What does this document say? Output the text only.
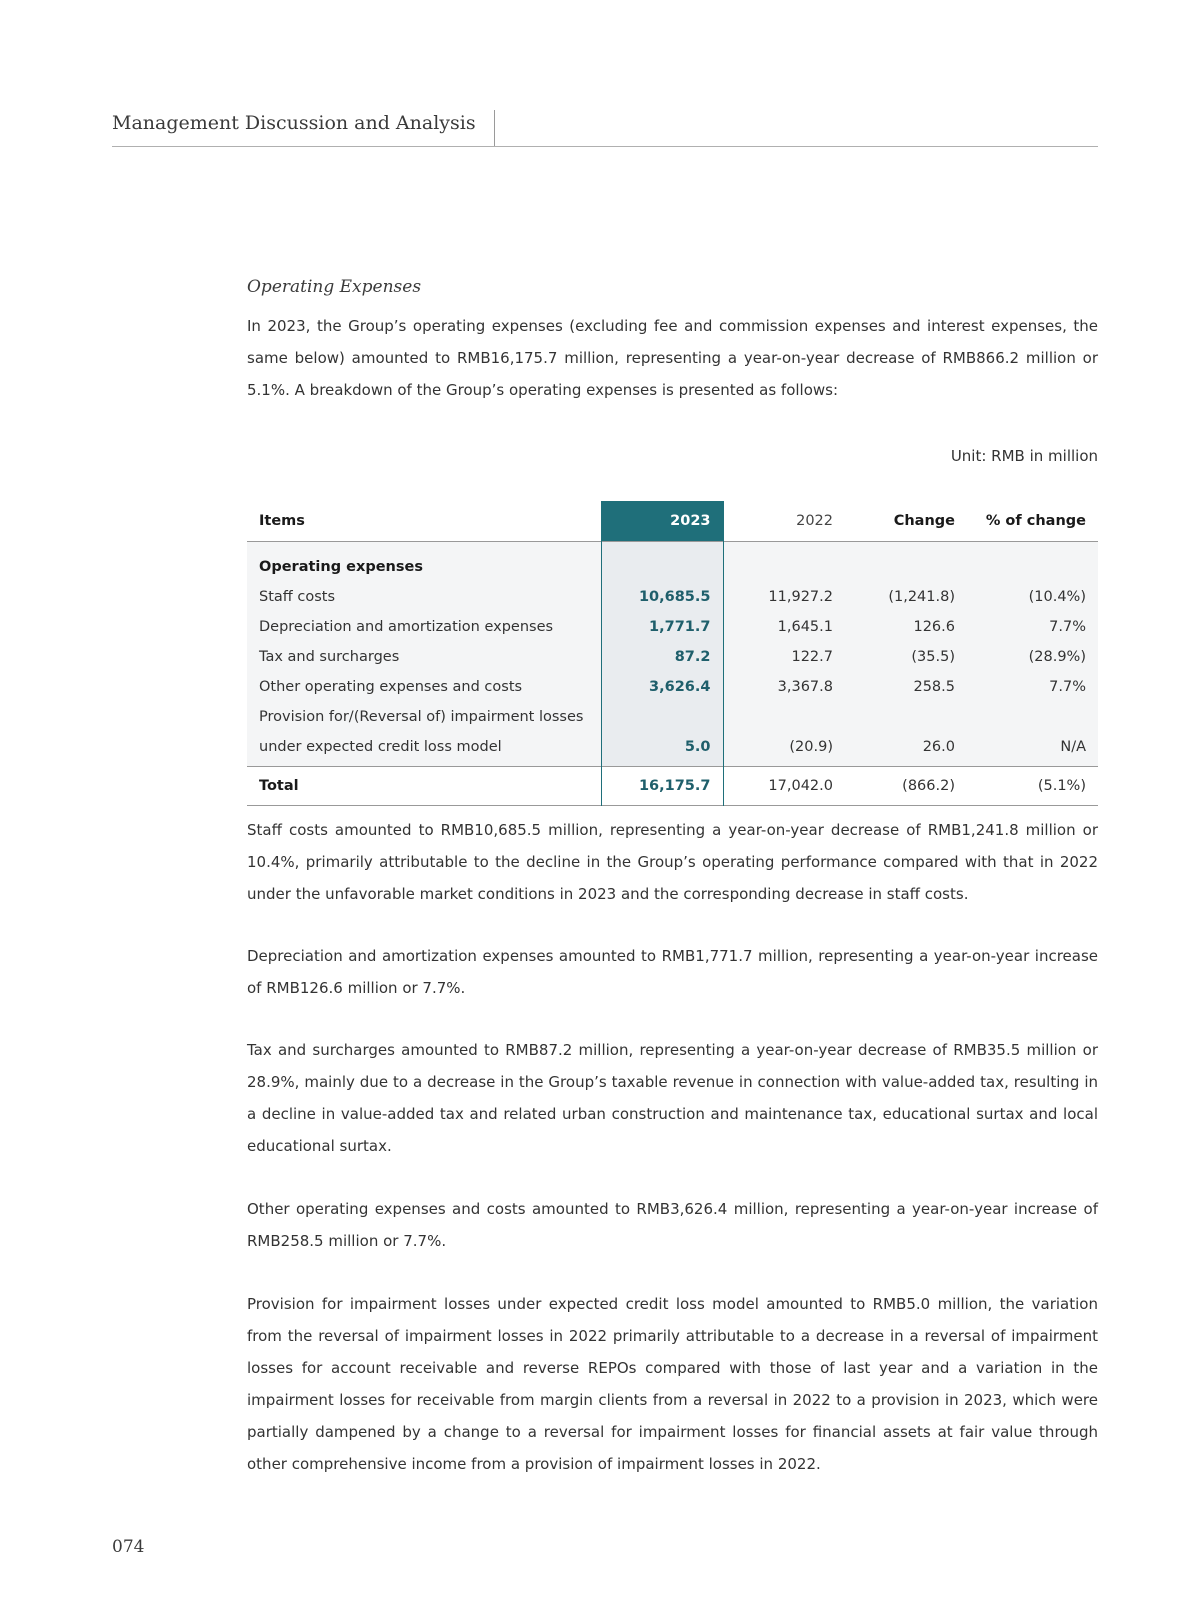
Management Discussion and Analysis
Operating Expenses

In 2023, the Group’s operating expenses (excluding fee and commission expenses and interest expenses, the same below) amounted to RMB16,175.7 million, representing a year-on-year decrease of RMB866.2 million or 5.1%. A breakdown of the Group’s operating expenses is presented as follows:

Unit: RMB in million
Items	2023	2022	Change	% of change
Operating expenses				
Staff costs	10,685.5	11,927.2	(1,241.8)	(10.4%)
Depreciation and amortization expenses	1,771.7	1,645.1	126.6	7.7%
Tax and surcharges	87.2	122.7	(35.5)	(28.9%)
Other operating expenses and costs	3,626.4	3,367.8	258.5	7.7%
Provision for/(Reversal of) impairment losses				
under expected credit loss model	5.0	(20.9)	26.0	N/A
Total	16,175.7	17,042.0	(866.2)	(5.1%)

Staff costs amounted to RMB10,685.5 million, representing a year-on-year decrease of RMB1,241.8 million or 10.4%, primarily attributable to the decline in the Group’s operating performance compared with that in 2022 under the unfavorable market conditions in 2023 and the corresponding decrease in staff costs.

Depreciation and amortization expenses amounted to RMB1,771.7 million, representing a year-on-year increase of RMB126.6 million or 7.7%.

Tax and surcharges amounted to RMB87.2 million, representing a year-on-year decrease of RMB35.5 million or 28.9%, mainly due to a decrease in the Group’s taxable revenue in connection with value-added tax, resulting in a decline in value-added tax and related urban construction and maintenance tax, educational surtax and local educational surtax.

Other operating expenses and costs amounted to RMB3,626.4 million, representing a year-on-year increase of RMB258.5 million or 7.7%.

Provision for impairment losses under expected credit loss model amounted to RMB5.0 million, the variation from the reversal of impairment losses in 2022 primarily attributable to a decrease in a reversal of impairment losses for account receivable and reverse REPOs compared with those of last year and a variation in the impairment losses for receivable from margin clients from a reversal in 2022 to a provision in 2023, which were partially dampened by a change to a reversal for impairment losses for financial assets at fair value through other comprehensive income from a provision of impairment losses in 2022.

074
